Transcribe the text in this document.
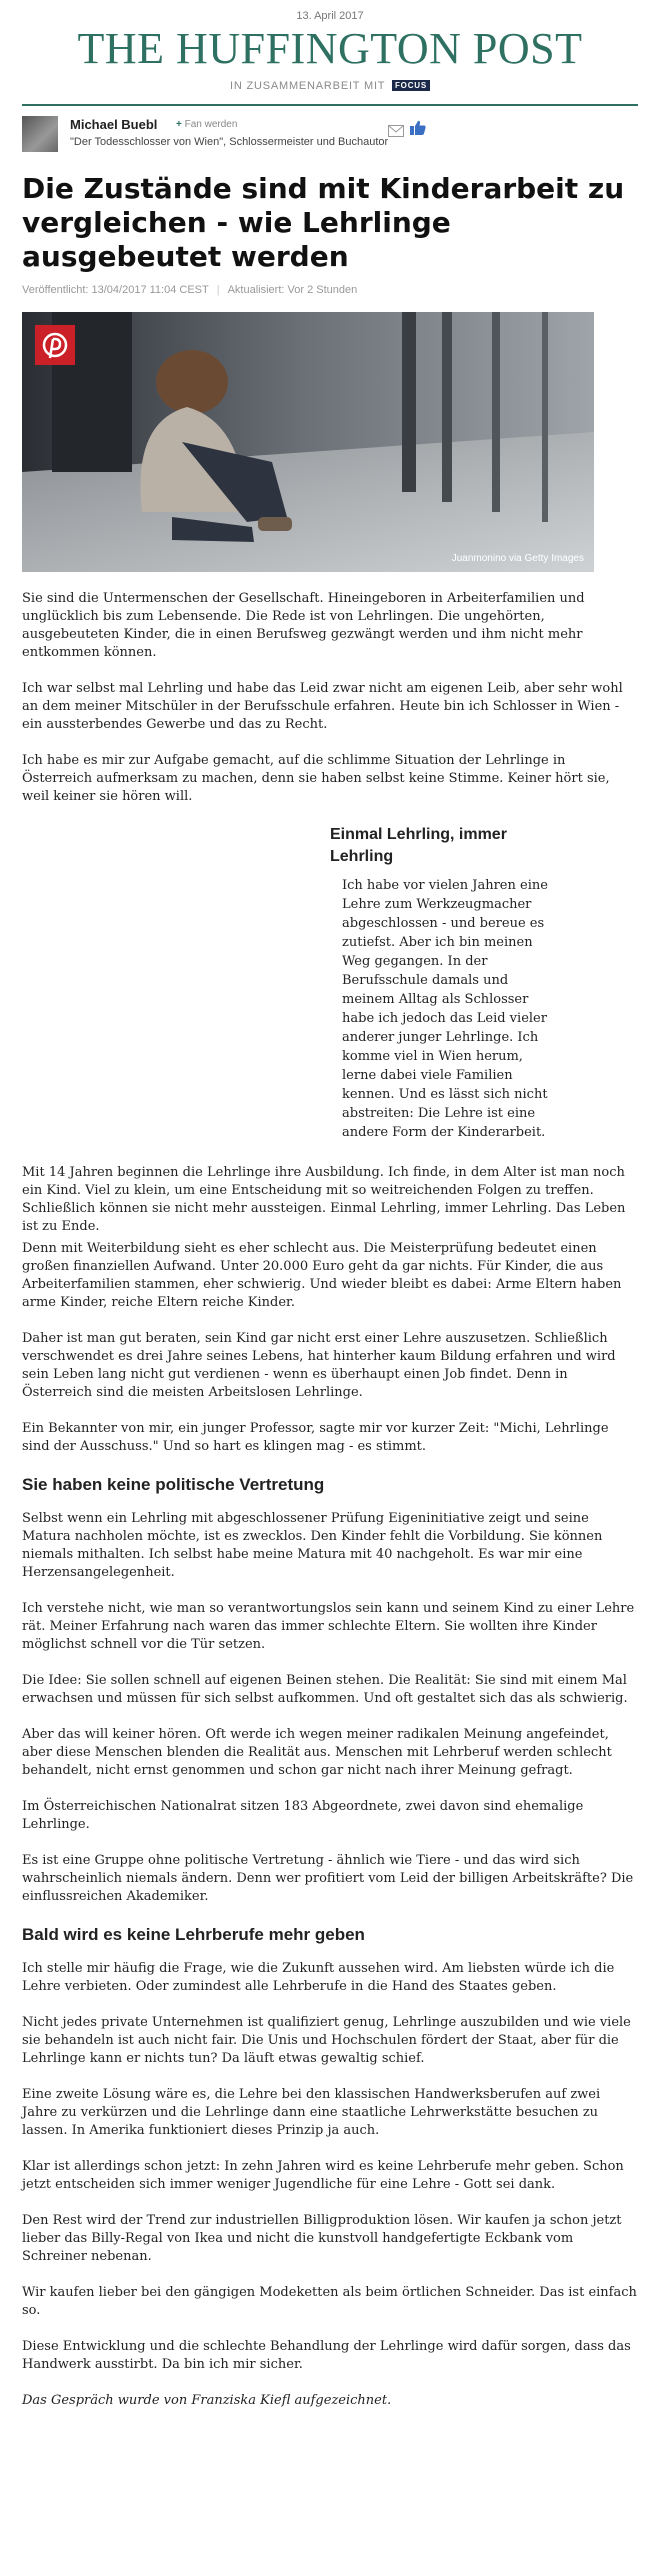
13. April 2017
THE HUFFINGTON POST
IN ZUSAMMENARBEIT MIT FOCUS
Michael Buebl + Fan werden
"Der Todesschlosser von Wien", Schlossermeister und Buchautor
Die Zustände sind mit Kinderarbeit zu vergleichen - wie Lehrlinge ausgebeutet werden
Veröffentlicht: 13/04/2017 11:04 CEST | Aktualisiert: Vor 2 Stunden
Juanmonino via Getty Images

Sie sind die Untermenschen der Gesellschaft. Hineingeboren in Arbeiterfamilien und unglücklich bis zum Lebensende. Die Rede ist von Lehrlingen. Die ungehörten, ausgebeuteten Kinder, die in einen Berufsweg gezwängt werden und ihm nicht mehr entkommen können.

Ich war selbst mal Lehrling und habe das Leid zwar nicht am eigenen Leib, aber sehr wohl an dem meiner Mitschüler in der Berufsschule erfahren. Heute bin ich Schlosser in Wien - ein aussterbendes Gewerbe und das zu Recht.

Ich habe es mir zur Aufgabe gemacht, auf die schlimme Situation der Lehrlinge in Österreich aufmerksam zu machen, denn sie haben selbst keine Stimme. Keiner hört sie, weil keiner sie hören will.

Einmal Lehrling, immer Lehrling

Ich habe vor vielen Jahren eine Lehre zum Werkzeugmacher abgeschlossen - und bereue es zutiefst. Aber ich bin meinen Weg gegangen. In der Berufsschule damals und meinem Alltag als Schlosser habe ich jedoch das Leid vieler anderer junger Lehrlinge. Ich komme viel in Wien herum, lerne dabei viele Familien kennen. Und es lässt sich nicht abstreiten: Die Lehre ist eine andere Form der Kinderarbeit.

Mit 14 Jahren beginnen die Lehrlinge ihre Ausbildung. Ich finde, in dem Alter ist man noch ein Kind. Viel zu klein, um eine Entscheidung mit so weitreichenden Folgen zu treffen. Schließlich können sie nicht mehr aussteigen. Einmal Lehrling, immer Lehrling. Das Leben ist zu Ende.

Denn mit Weiterbildung sieht es eher schlecht aus. Die Meisterprüfung bedeutet einen großen finanziellen Aufwand. Unter 20.000 Euro geht da gar nichts. Für Kinder, die aus Arbeiterfamilien stammen, eher schwierig. Und wieder bleibt es dabei: Arme Eltern haben arme Kinder, reiche Eltern reiche Kinder.

Daher ist man gut beraten, sein Kind gar nicht erst einer Lehre auszusetzen. Schließlich verschwendet es drei Jahre seines Lebens, hat hinterher kaum Bildung erfahren und wird sein Leben lang nicht gut verdienen - wenn es überhaupt einen Job findet. Denn in Österreich sind die meisten Arbeitslosen Lehrlinge.

Ein Bekannter von mir, ein junger Professor, sagte mir vor kurzer Zeit: "Michi, Lehrlinge sind der Ausschuss." Und so hart es klingen mag - es stimmt.

Sie haben keine politische Vertretung

Selbst wenn ein Lehrling mit abgeschlossener Prüfung Eigeninitiative zeigt und seine Matura nachholen möchte, ist es zwecklos. Den Kinder fehlt die Vorbildung. Sie können niemals mithalten. Ich selbst habe meine Matura mit 40 nachgeholt. Es war mir eine Herzensangelegenheit.

Ich verstehe nicht, wie man so verantwortungslos sein kann und seinem Kind zu einer Lehre rät. Meiner Erfahrung nach waren das immer schlechte Eltern. Sie wollten ihre Kinder möglichst schnell vor die Tür setzen.

Die Idee: Sie sollen schnell auf eigenen Beinen stehen. Die Realität: Sie sind mit einem Mal erwachsen und müssen für sich selbst aufkommen. Und oft gestaltet sich das als schwierig.

Aber das will keiner hören. Oft werde ich wegen meiner radikalen Meinung angefeindet, aber diese Menschen blenden die Realität aus. Menschen mit Lehrberuf werden schlecht behandelt, nicht ernst genommen und schon gar nicht nach ihrer Meinung gefragt.

Im Österreichischen Nationalrat sitzen 183 Abgeordnete, zwei davon sind ehemalige Lehrlinge.

Es ist eine Gruppe ohne politische Vertretung - ähnlich wie Tiere - und das wird sich wahrscheinlich niemals ändern. Denn wer profitiert vom Leid der billigen Arbeitskräfte? Die einflussreichen Akademiker.

Bald wird es keine Lehrberufe mehr geben

Ich stelle mir häufig die Frage, wie die Zukunft aussehen wird. Am liebsten würde ich die Lehre verbieten. Oder zumindest alle Lehrberufe in die Hand des Staates geben.

Nicht jedes private Unternehmen ist qualifiziert genug, Lehrlinge auszubilden und wie viele sie behandeln ist auch nicht fair. Die Unis und Hochschulen fördert der Staat, aber für die Lehrlinge kann er nichts tun? Da läuft etwas gewaltig schief.

Eine zweite Lösung wäre es, die Lehre bei den klassischen Handwerksberufen auf zwei Jahre zu verkürzen und die Lehrlinge dann eine staatliche Lehrwerkstätte besuchen zu lassen. In Amerika funktioniert dieses Prinzip ja auch.

Klar ist allerdings schon jetzt: In zehn Jahren wird es keine Lehrberufe mehr geben. Schon jetzt entscheiden sich immer weniger Jugendliche für eine Lehre - Gott sei dank.

Den Rest wird der Trend zur industriellen Billigproduktion lösen. Wir kaufen ja schon jetzt lieber das Billy-Regal von Ikea und nicht die kunstvoll handgefertigte Eckbank vom Schreiner nebenan.

Wir kaufen lieber bei den gängigen Modeketten als beim örtlichen Schneider. Das ist einfach so.

Diese Entwicklung und die schlechte Behandlung der Lehrlinge wird dafür sorgen, dass das Handwerk ausstirbt. Da bin ich mir sicher.

Das Gespräch wurde von Franziska Kiefl aufgezeichnet.
